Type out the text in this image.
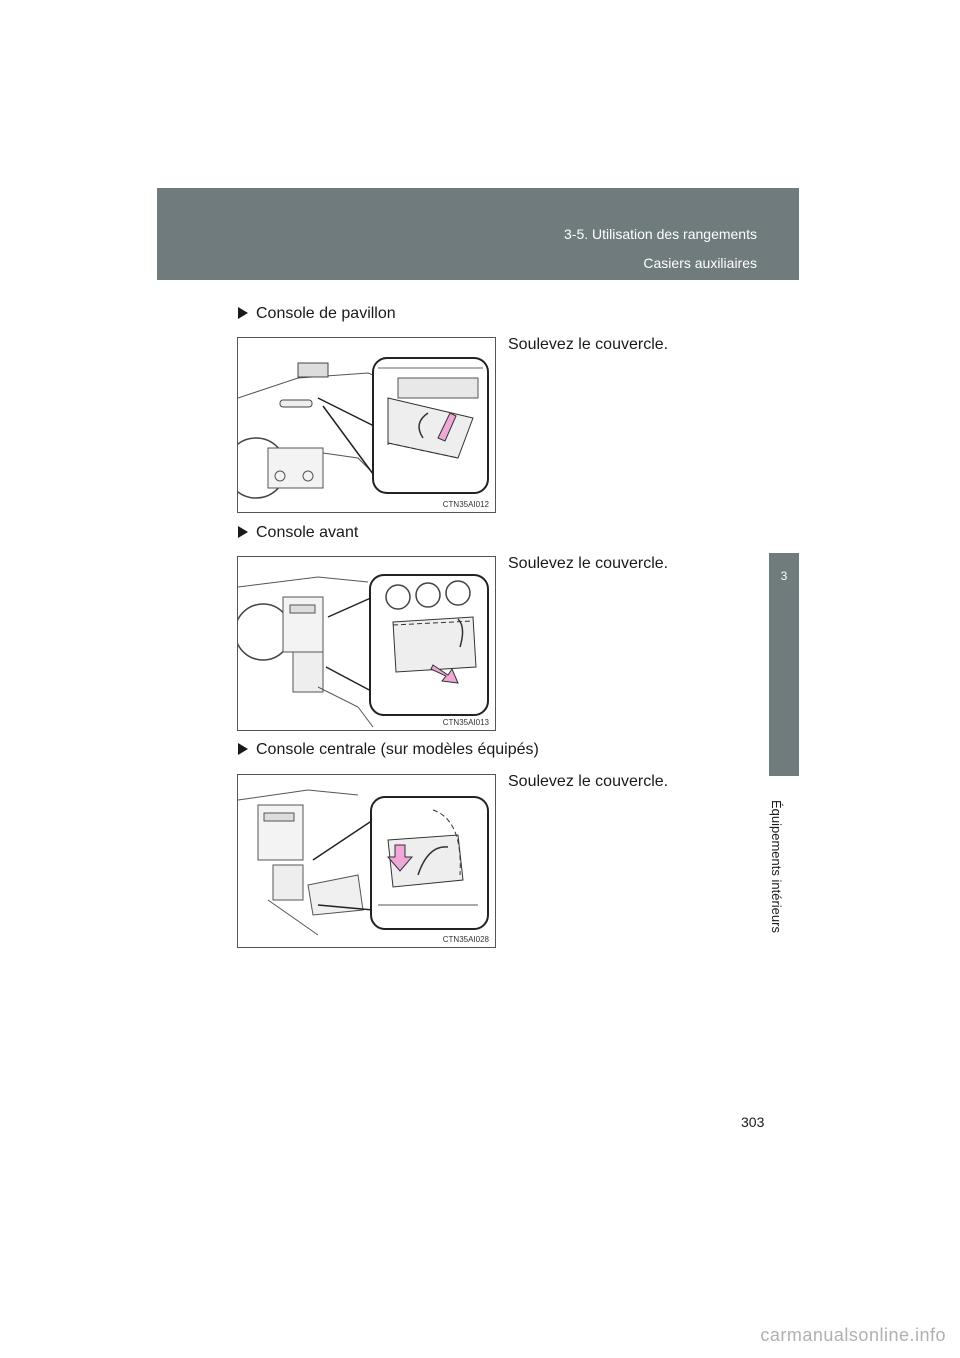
3-5. Utilisation des rangements
Casiers auxiliaires
3
Équipements intérieurs
Console de pavillon
Soulevez le couvercle.
CTN35AI012
Console avant
Soulevez le couvercle.
CTN35AI013
Console centrale (sur modèles équipés)
Soulevez le couvercle.
CTN35AI028
303
carmanualsonline.info
